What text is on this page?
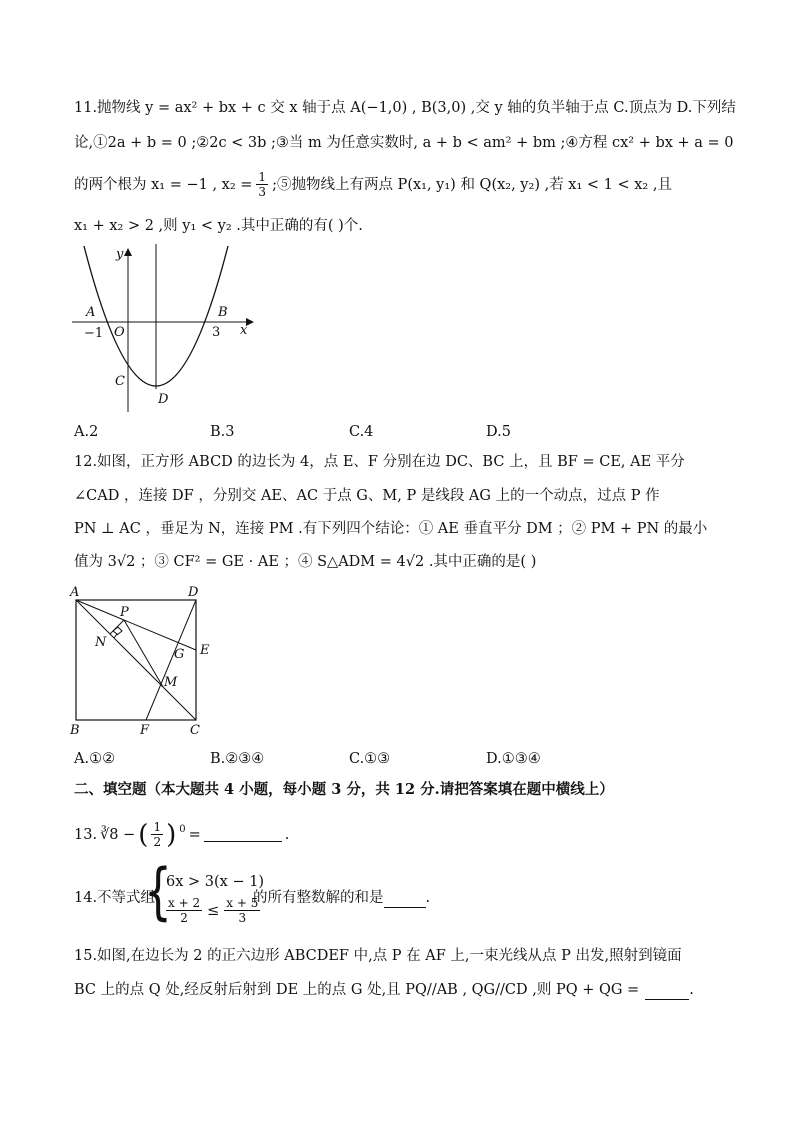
11.抛物线 y = ax² + bx + c 交 x 轴于点 A(−1,0) , B(3,0) ,交 y 轴的负半轴于点 C.顶点为 D.下列结
论,①2a + b = 0 ;②2c < 3b ;③当 m 为任意实数时, a + b < am² + bm ;④方程 cx² + bx + a = 0
的两个根为 x₁ = −1 , $x_2 = \frac{1}{3}$ ;⑤抛物线上有两点 P(x₁, y₁) 和 Q(x₂, y₂) ,若 x₁ < 1 < x₂ ,且
x₁ + x₂ > 2 ,则 y₁ < y₂ .其中正确的有( )个.
y
x
A
−1 O
B
3
C
D
A.2	B.3	C.4	D.5
12.如图，正方形 ABCD 的边长为 4，点 E、F 分别在边 DC、BC 上，且 BF = CE, AE 平分
∠CAD ，连接 DF ，分别交 AE、AC 于点 G、M, P 是线段 AG 上的一个动点，过点 P 作
PN ⊥ AC ，垂足为 N，连接 PM .有下列四个结论：① AE 垂直平分 DM ；② PM + PN 的最小
值为 3√2 ；③ CF² = GE · AE ；④ S△ADM = 4√2 .其中正确的是( )
A	D
B	C
F
E
G
M
N
P
A.①②	B.②③④	C.①③	D.①③④
二、填空题（本大题共 4 小题，每小题 3 分，共 12 分.请把答案填在题中横线上）
13. ∛8 − ( $\frac{1}{2}$ ) 0 =	.
14.不等式组
{
6x > 3(x − 1)
$\frac{x + 2}{2} \le \frac{x + 5}{3}$
的所有整数解的和是	.
15.如图,在边长为 2 的正六边形 ABCDEF 中,点 P 在 AF 上,一束光线从点 P 出发,照射到镜面
BC 上的点 Q 处,经反射后射到 DE 上的点 G 处,且 PQ//AB , QG//CD ,则 PQ + QG =	.
